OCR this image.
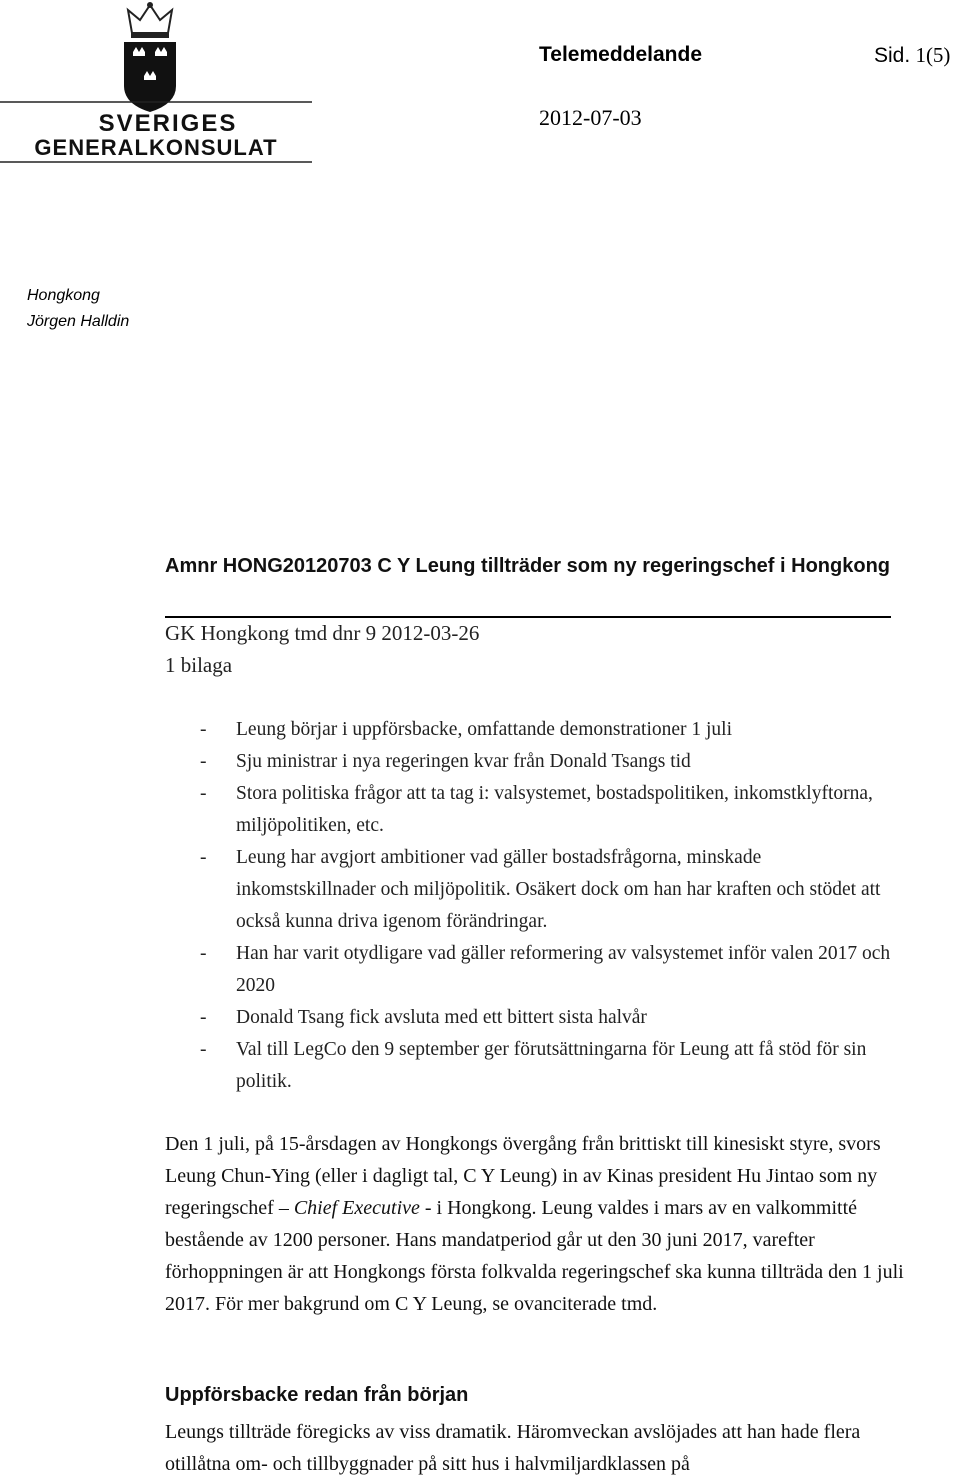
SVERIGES
GENERALKONSULAT
Telemeddelande	Sid. 1(5)
2012-07-03
Hongkong
Jörgen Halldin
Amnr HONG20120703 C Y Leung tillträder som ny regeringschef i Hongkong
GK Hongkong tmd dnr 9 2012-03-26
1 bilaga
- Leung börjar i uppförsbacke, omfattande demonstrationer 1 juli
- Sju ministrar i nya regeringen kvar från Donald Tsangs tid
- Stora politiska frågor att ta tag i: valsystemet, bostadspolitiken, inkomstklyftorna, miljöpolitiken, etc.
- Leung har avgjort ambitioner vad gäller bostadsfrågorna, minskade inkomstskillnader och miljöpolitik. Osäkert dock om han har kraften och stödet att också kunna driva igenom förändringar.
- Han har varit otydligare vad gäller reformering av valsystemet inför valen 2017 och 2020
- Donald Tsang fick avsluta med ett bittert sista halvår
- Val till LegCo den 9 september ger förutsättningarna för Leung att få stöd för sin politik.

Den 1 juli, på 15-årsdagen av Hongkongs övergång från brittiskt till kinesiskt styre, svors Leung Chun-Ying (eller i dagligt tal, C Y Leung) in av Kinas president Hu Jintao som ny regeringschef – Chief Executive - i Hongkong. Leung valdes i mars av en valkommitté bestående av 1200 personer. Hans mandatperiod går ut den 30 juni 2017, varefter förhoppningen är att Hongkongs första folkvalda regeringschef ska kunna tillträda den 1 juli 2017. För mer bakgrund om C Y Leung, se ovanciterade tmd.

Uppförsbacke redan från början

Leungs tillträde föregicks av viss dramatik. Häromveckan avslöjades att han hade flera otillåtna om- och tillbyggnader på sitt hus i halvmiljardklassen på
